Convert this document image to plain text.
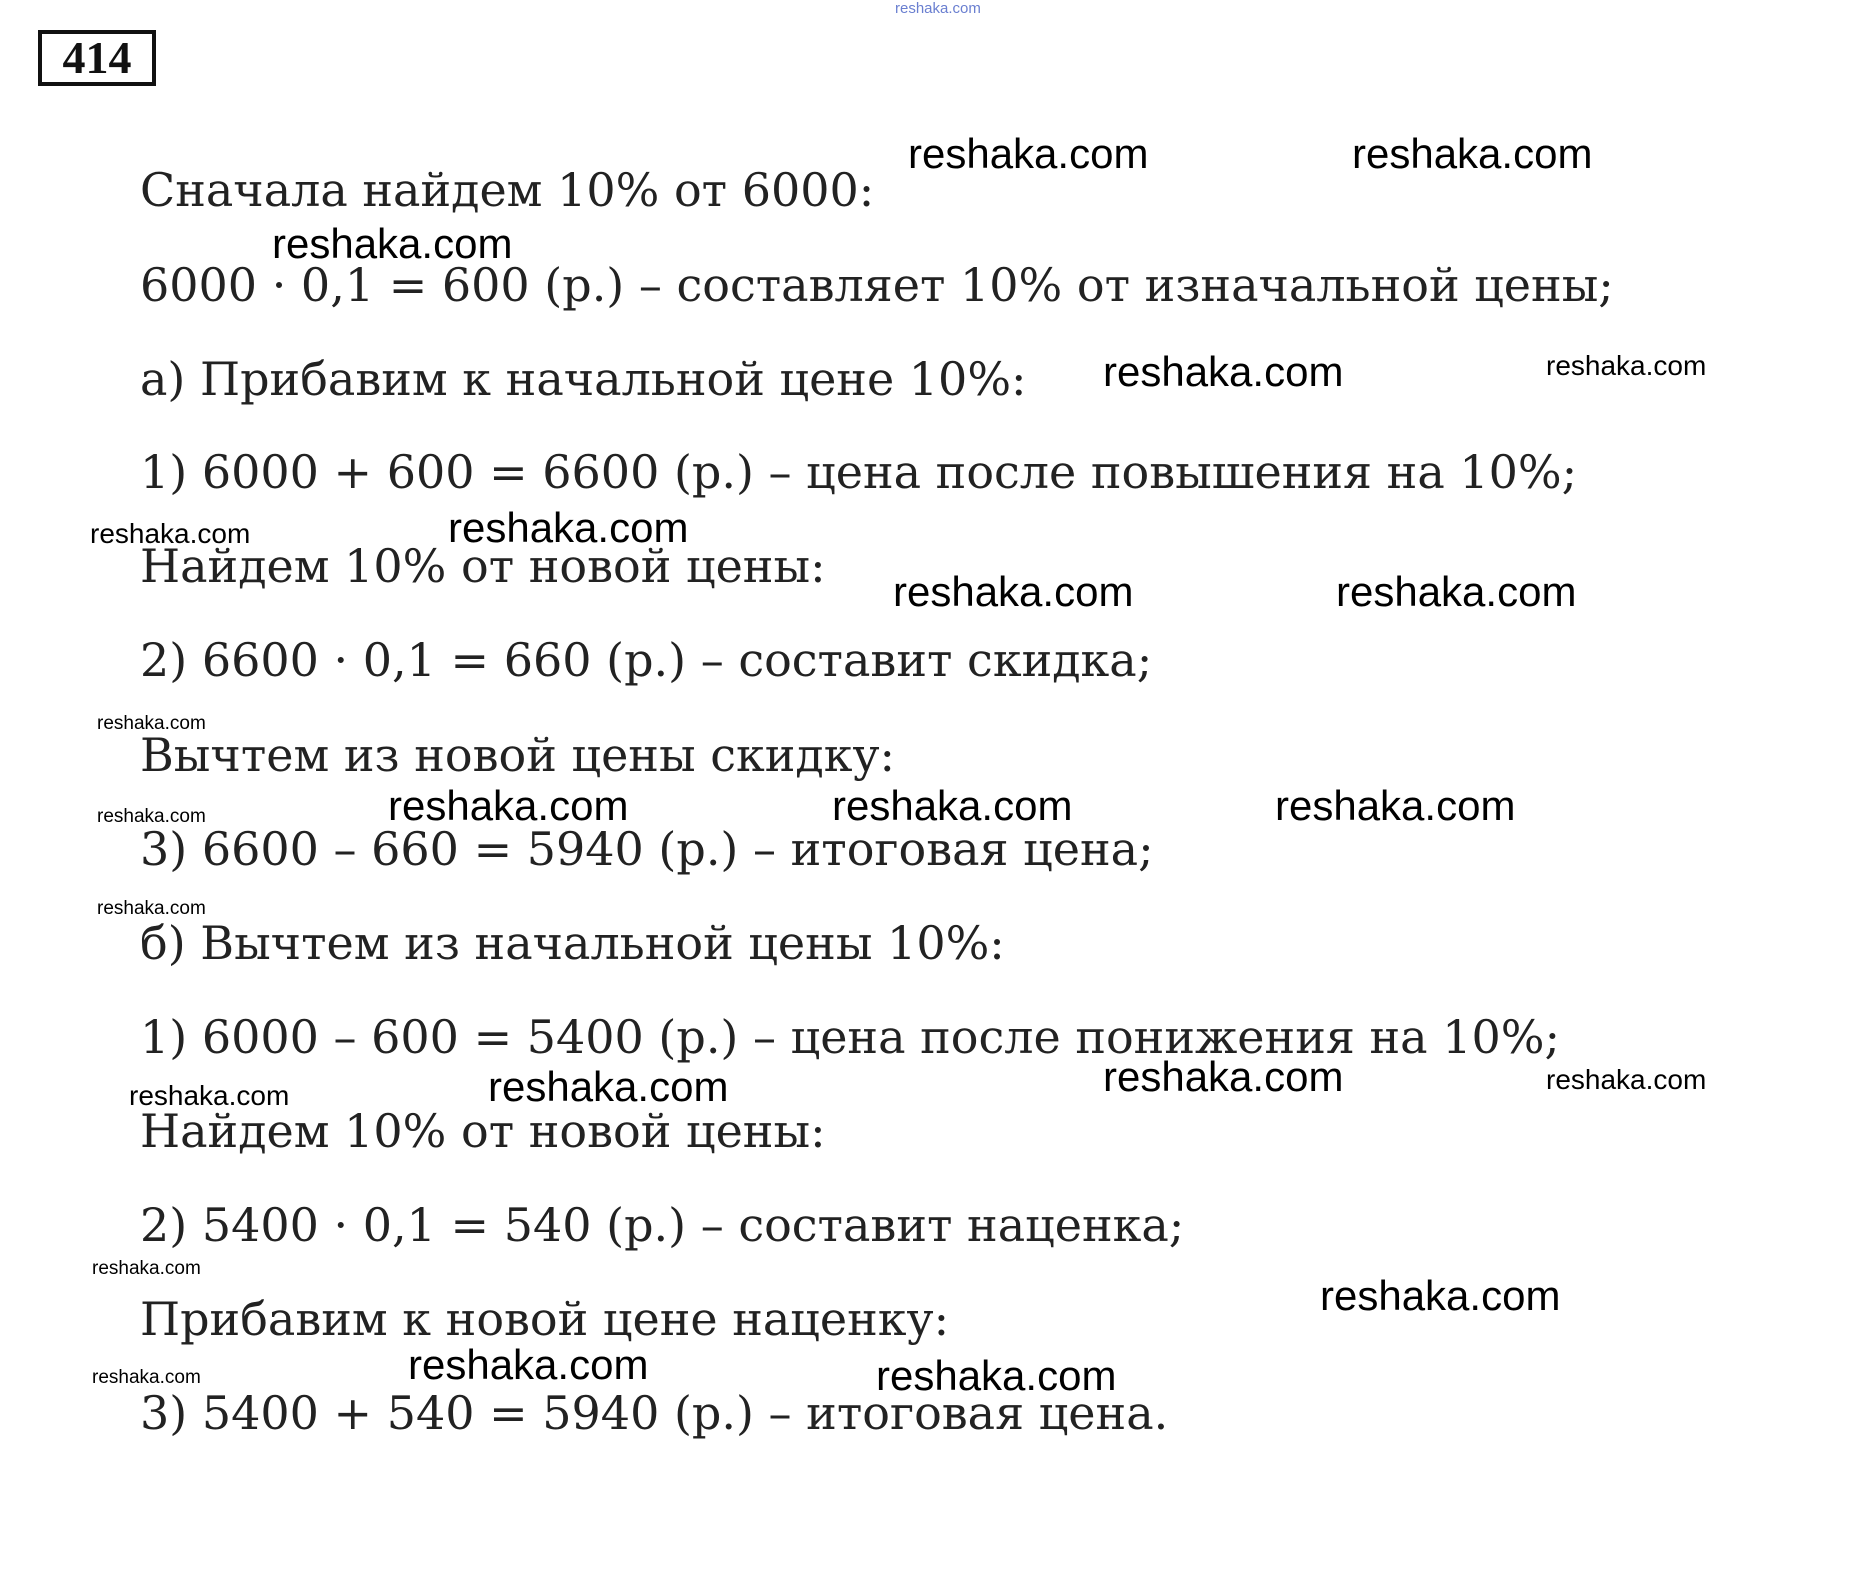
reshaka.com
414
Сначала найдем 10% от 6000:
6000 · 0,1 = 600 (р.) – составляет 10% от изначальной цены;
а) Прибавим к начальной цене 10%:
1) 6000 + 600 = 6600 (р.) – цена после повышения на 10%;
Найдем 10% от новой цены:
2) 6600 · 0,1 = 660 (р.) – составит скидка;
Вычтем из новой цены скидку:
3) 6600 – 660 = 5940 (р.) – итоговая цена;
б) Вычтем из начальной цены 10%:
1) 6000 – 600 = 5400 (р.) – цена после понижения на 10%;
Найдем 10% от новой цены:
2) 5400 · 0,1 = 540 (р.) – составит наценка;
Прибавим к новой цене наценку:
3) 5400 + 540 = 5940 (р.) – итоговая цена.
reshaka.com	reshaka.com
reshaka.com
reshaka.com	reshaka.com
reshaka.com	reshaka.com
reshaka.com	reshaka.com
reshaka.com
reshaka.com	reshaka.com	reshaka.com
reshaka.com
reshaka.com
reshaka.com	reshaka.com	reshaka.com	reshaka.com
reshaka.com
reshaka.com
reshaka.com	reshaka.com	reshaka.com
